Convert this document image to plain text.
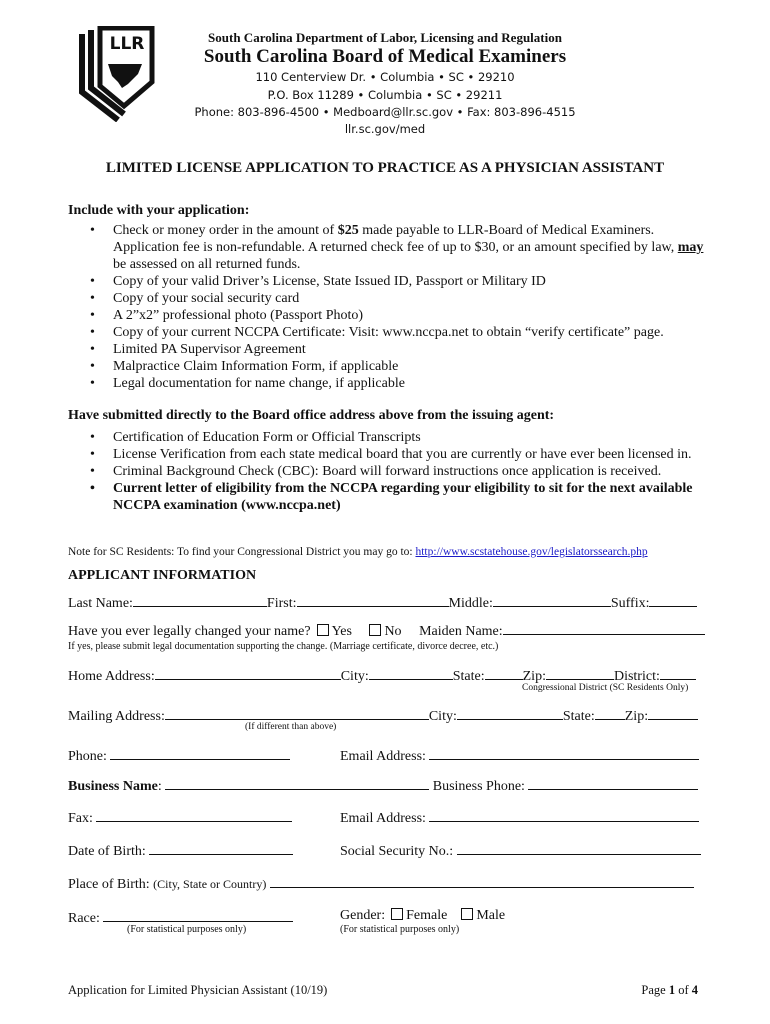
LLR	South Carolina Department of Labor, Licensing and Regulation
South Carolina Board of Medical Examiners
110 Centerview Dr. • Columbia • SC • 29210
P.O. Box 11289 • Columbia • SC • 29211
Phone: 803-896-4500 • Medboard@llr.sc.gov • Fax: 803-896-4515
llr.sc.gov/med
LIMITED LICENSE APPLICATION TO PRACTICE AS A PHYSICIAN ASSISTANT
Include with your application:
• Check or money order in the amount of $25 made payable to LLR-Board of Medical Examiners.
Application fee is non-refundable. A returned check fee of up to $30, or an amount specified by law, may
be assessed on all returned funds.
• Copy of your valid Driver’s License, State Issued ID, Passport or Military ID
• Copy of your social security card
• A 2”x2” professional photo (Passport Photo)
• Copy of your current NCCPA Certificate: Visit: www.nccpa.net to obtain “verify certificate” page.
• Limited PA Supervisor Agreement
• Malpractice Claim Information Form, if applicable
• Legal documentation for name change, if applicable
Have submitted directly to the Board office address above from the issuing agent:
• Certification of Education Form or Official Transcripts
• License Verification from each state medical board that you are currently or have ever been licensed in.
• Criminal Background Check (CBC): Board will forward instructions once application is received.
• Current letter of eligibility from the NCCPA regarding your eligibility to sit for the next available
NCCPA examination (www.nccpa.net)
Note for SC Residents: To find your Congressional District you may go to: http://www.scstatehouse.gov/legislatorssearch.php
APPLICANT INFORMATION
Last Name:	First:	Middle:	Suffix:
Have you ever legally changed your name? Yes No Maiden Name:
If yes, please submit legal documentation supporting the change. (Marriage certificate, divorce decree, etc.)
Home Address:	City:	State:	Zip:	District:
Congressional District (SC Residents Only)
Mailing Address:	City:	State: Zip:
(If different than above)
Phone:	Email Address:
Business Name:	Business Phone:
Fax:	Email Address:
Date of Birth:	Social Security No.:
Place of Birth: (City, State or Country)
Race:	Gender: Female Male
(For statistical purposes only)	(For statistical purposes only)
Application for Limited Physician Assistant (10/19)	Page 1 of 4
